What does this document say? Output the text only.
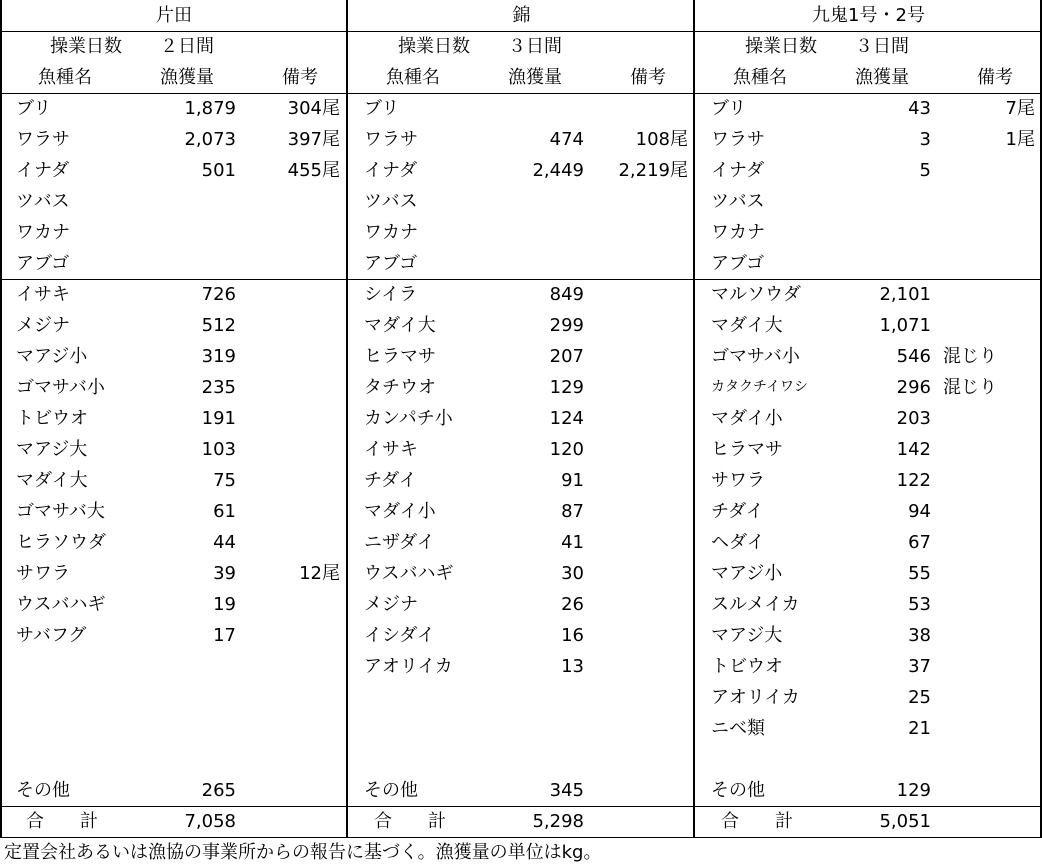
片田
操業日数	２日間
魚種名	漁獲量	備考
ブリ	1,879	304尾
ワラサ	2,073	397尾
イナダ	501	455尾
ツバス
ワカナ
アブゴ
イサキ	726
メジナ	512
マアジ小	319
ゴマサバ小	235
トビウオ	191
マアジ大	103
マダイ大	75
ゴマサバ大	61
ヒラソウダ	44
サワラ	39	12尾
ウスバハギ	19
サバフグ	17
その他	265
合　　計	7,058
錦
操業日数	３日間
魚種名	漁獲量	備考
ブリ
ワラサ	474	108尾
イナダ	2,449	2,219尾
ツバス
ワカナ
アブゴ
シイラ	849
マダイ大	299
ヒラマサ	207
タチウオ	129
カンパチ小	124
イサキ	120
チダイ	91
マダイ小	87
ニザダイ	41
ウスバハギ	30
メジナ	26
イシダイ	16
アオリイカ	13
その他	345
合　　計	5,298
九鬼1号・2号
操業日数	３日間
魚種名	漁獲量	備考
ブリ	43	7尾
ワラサ	3	1尾
イナダ	5
ツバス
ワカナ
アブゴ
マルソウダ	2,101
マダイ大	1,071
ゴマサバ小	546 混じり
カタクチイワシ	296 混じり
マダイ小	203
ヒラマサ	142
サワラ	122
チダイ	94
ヘダイ	67
マアジ小	55
スルメイカ	53
マアジ大	38
トビウオ	37
アオリイカ	25
ニベ類	21
その他	129
合　　計	5,051
定置会社あるいは漁協の事業所からの報告に基づく。漁獲量の単位はkg。
